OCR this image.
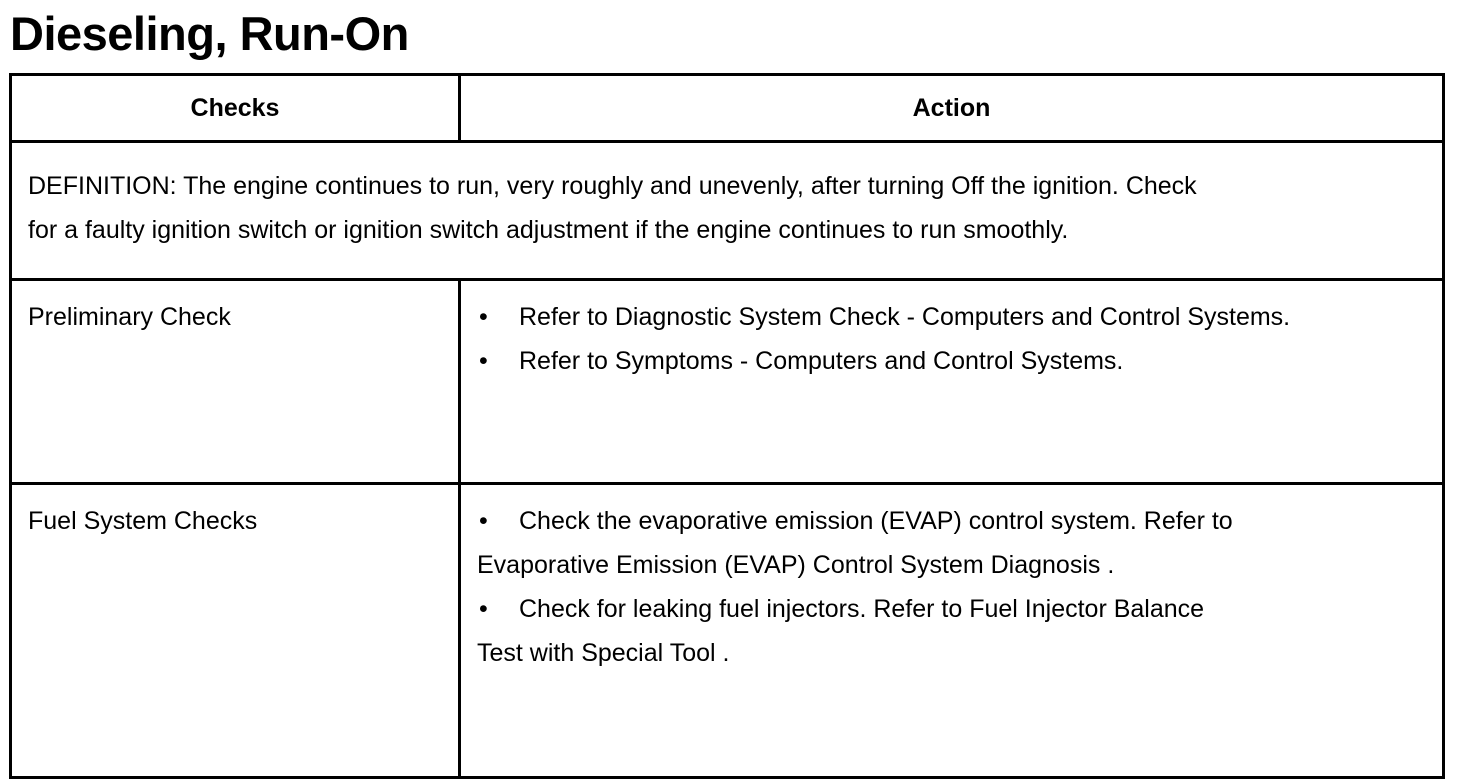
Dieseling, Run-On
Checks	Action

DEFINITION: The engine continues to run, very roughly and unevenly, after turning Off the ignition. Check
for a faulty ignition switch or ignition switch adjustment if the engine continues to run smoothly.	

Preliminary Check	• Refer to Diagnostic System Check - Computers and Control Systems.
• Refer to Symptoms - Computers and Control Systems.

Fuel System Checks	• Check the evaporative emission (EVAP) control system. Refer to
Evaporative Emission (EVAP) Control System Diagnosis .
• Check for leaking fuel injectors. Refer to Fuel Injector Balance
Test with Special Tool .
